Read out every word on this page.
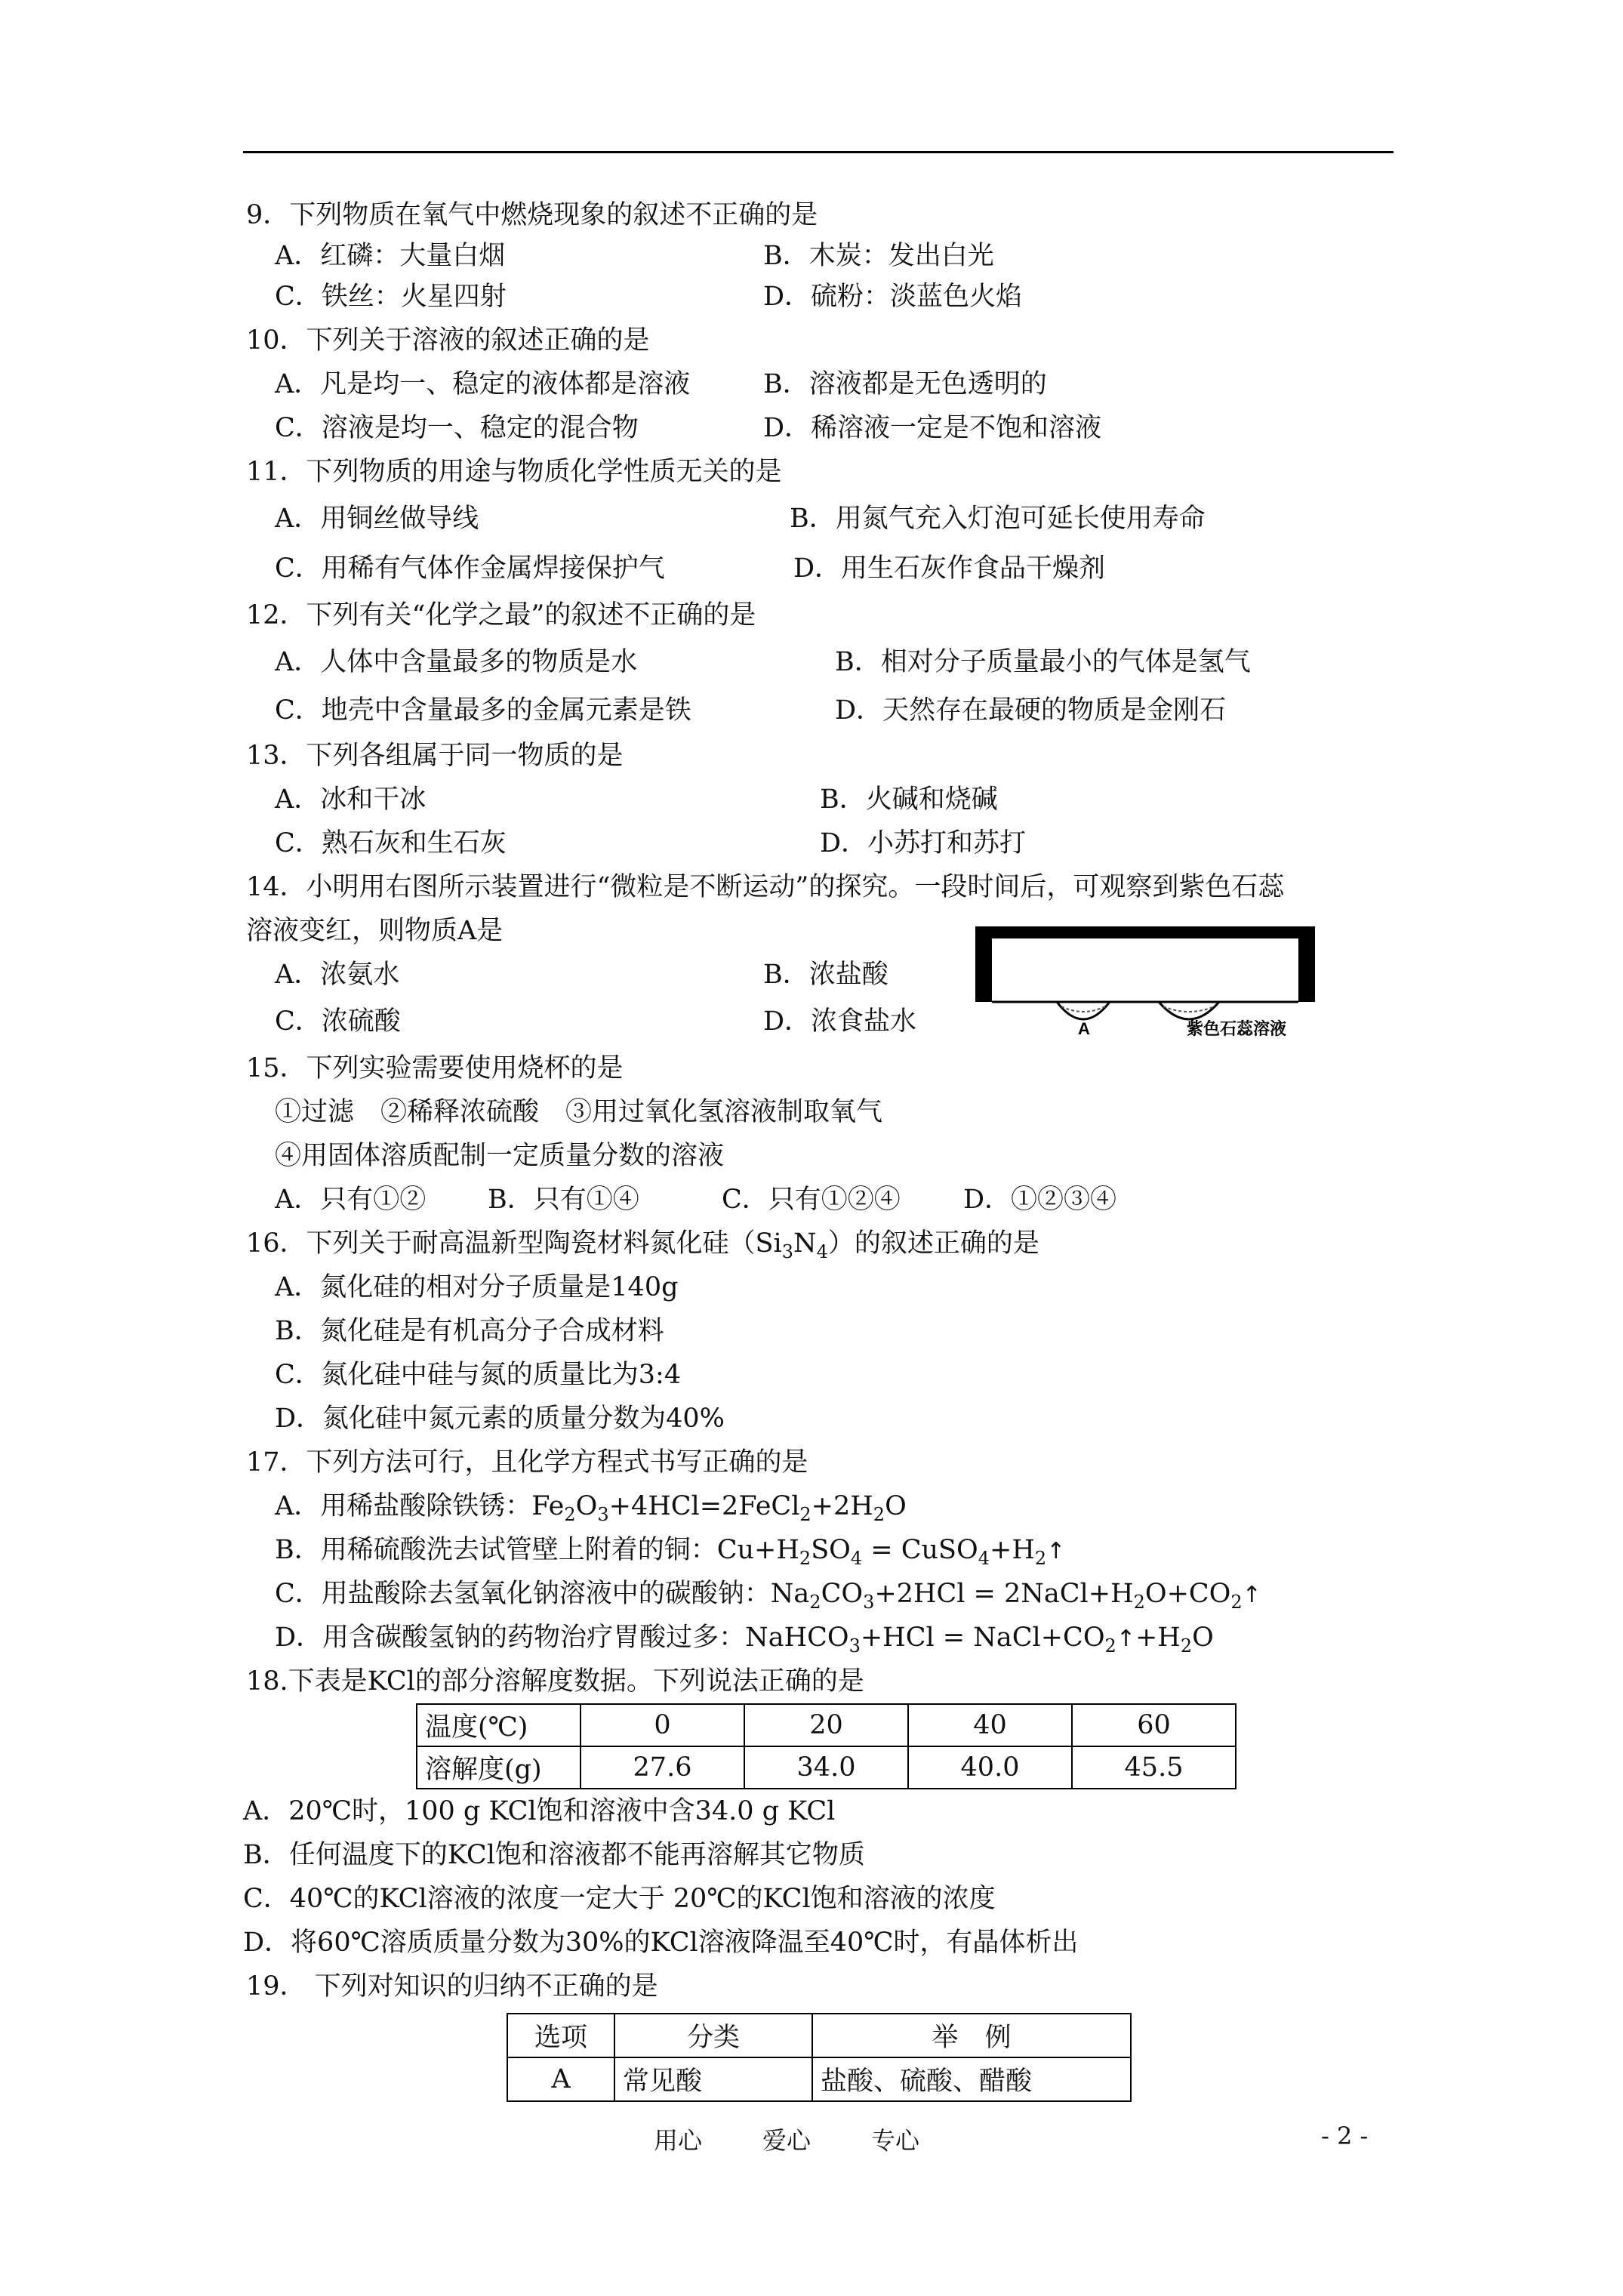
9．下列物质在氧气中燃烧现象的叙述不正确的是
A．红磷：大量白烟	B．木炭：发出白光
C．铁丝：火星四射	D．硫粉：淡蓝色火焰
10．下列关于溶液的叙述正确的是
A．凡是均一、稳定的液体都是溶液	B．溶液都是无色透明的
C．溶液是均一、稳定的混合物	D．稀溶液一定是不饱和溶液
11．下列物质的用途与物质化学性质无关的是
A．用铜丝做导线	B．用氮气充入灯泡可延长使用寿命
C．用稀有气体作金属焊接保护气	D．用生石灰作食品干燥剂
12．下列有关“化学之最”的叙述不正确的是
A．人体中含量最多的物质是水	B．相对分子质量最小的气体是氢气
C．地壳中含量最多的金属元素是铁	D．天然存在最硬的物质是金刚石
13．下列各组属于同一物质的是
A．冰和干冰	B．火碱和烧碱
C．熟石灰和生石灰	D．小苏打和苏打
14．小明用右图所示装置进行“微粒是不断运动”的探究。一段时间后，可观察到紫色石蕊
溶液变红，则物质A是
A．浓氨水	B．浓盐酸
C．浓硫酸	D．浓食盐水
15．下列实验需要使用烧杯的是
①过滤　②稀释浓硫酸　③用过氧化氢溶液制取氧气
④用固体溶质配制一定质量分数的溶液
A．只有①② B．只有①④	C．只有①②④ D．①②③④
16．下列关于耐高温新型陶瓷材料氮化硅$(Si_3N_4)$的叙述正确的是
A．氮化硅的相对分子质量是140g
B．氮化硅是有机高分子合成材料
C．氮化硅中硅与氮的质量比为3:4
D．氮化硅中氮元素的质量分数为40%
17．下列方法可行，且化学方程式书写正确的是
A．用稀盐酸除铁锈：$Fe_2O_3+4HCl=2FeCl_2+2H_2O$
B．用稀硫酸洗去试管壁上附着的铜：$Cu+H_2SO_4$ = $CuSO_4+H_2↑$
C．用盐酸除去氢氧化钠溶液中的碳酸钠：$Na_2CO_3+2HCl$ = $2NaCl+H_2O+CO_2↑$
D．用含碳酸氢钠的药物治疗胃酸过多：NaHCO$_3$+HCl = $NaCl+CO_2↑+H_2O$
18.下表是KCl的部分溶解度数据。下列说法正确的是
温度(℃)	0	20	40	60
溶解度(g)	27.6	34.0	40.0	45.5
A．20℃时，100 g KCl饱和溶液中含34.0 g KCl
B．任何温度下的KCl饱和溶液都不能再溶解其它物质
C．40℃的KCl溶液的浓度一定大于 20℃的KCl饱和溶液的浓度
D．将60℃溶质质量分数为30%的KCl溶液降温至40℃时，有晶体析出
19． 下列对知识的归纳不正确的是
选项	分类	举　例
A	常见酸	盐酸、硫酸、醋酸
A	紫色石蕊溶液
用心	爱心	专心	- 2 -
